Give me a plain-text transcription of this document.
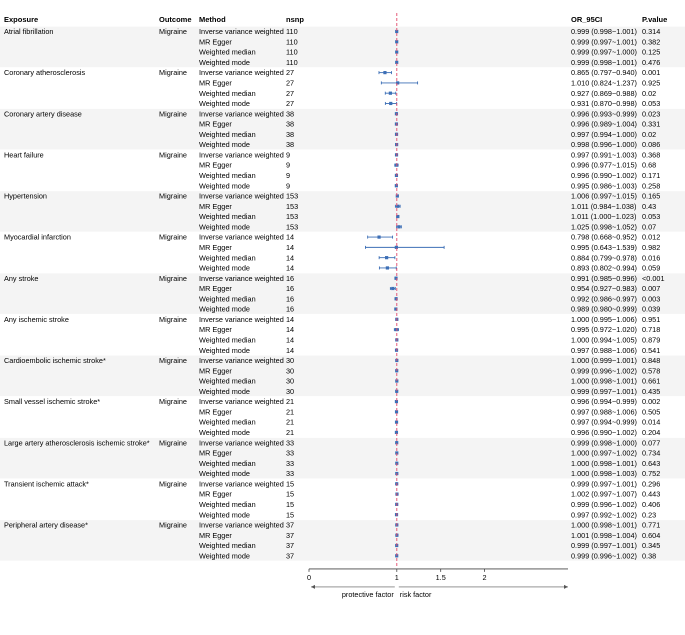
Exposure	Outcome Method	nsnp	OR_95CI	P.value
Atrial fibrillation	Migraine Inverse variance weighted 110	0.999 (0.998~1.001) 0.314
MR Egger	110	0.999 (0.997~1.001) 0.382
Weighted median	110	0.999 (0.997~1.000) 0.125
Weighted mode	110	0.999 (0.998~1.001) 0.476
Coronary atherosclerosis	Migraine Inverse variance weighted 27	0.865 (0.797~0.940) 0.001
MR Egger	27	1.010 (0.824~1.237) 0.925
Weighted median	27	0.927 (0.869~0.988) 0.02
Weighted mode	27	0.931 (0.870~0.998) 0.053
Coronary artery disease	Migraine Inverse variance weighted 38	0.996 (0.993~0.999) 0.023
MR Egger	38	0.996 (0.989~1.004) 0.331
Weighted median	38	0.997 (0.994~1.000) 0.02
Weighted mode	38	0.998 (0.996~1.000) 0.086
Heart failure	Migraine Inverse variance weighted 9	0.997 (0.991~1.003) 0.368
MR Egger	9	0.996 (0.977~1.015) 0.68
Weighted median	9	0.996 (0.990~1.002) 0.171
Weighted mode	9	0.995 (0.986~1.003) 0.258
Hypertension	Migraine Inverse variance weighted 153	1.006 (0.997~1.015) 0.165
MR Egger	153	1.011 (0.984~1.038) 0.43
Weighted median	153	1.011 (1.000~1.023) 0.053
Weighted mode	153	1.025 (0.998~1.052) 0.07
Myocardial infarction	Migraine Inverse variance weighted 14	0.798 (0.668~0.952) 0.012
MR Egger	14	0.995 (0.643~1.539) 0.982
Weighted median	14	0.884 (0.799~0.978) 0.016
Weighted mode	14	0.893 (0.802~0.994) 0.059
Any stroke	Migraine Inverse variance weighted 16	0.991 (0.985~0.996) <0.001
MR Egger	16	0.954 (0.927~0.983) 0.007
Weighted median	16	0.992 (0.986~0.997) 0.003
Weighted mode	16	0.989 (0.980~0.999) 0.039
Any ischemic stroke	Migraine Inverse variance weighted 14	1.000 (0.995~1.006) 0.951
MR Egger	14	0.995 (0.972~1.020) 0.718
Weighted median	14	1.000 (0.994~1.005) 0.879
Weighted mode	14	0.997 (0.988~1.006) 0.541
Cardioembolic ischemic stroke*	Migraine Inverse variance weighted 30	1.000 (0.999~1.001) 0.848
MR Egger	30	0.999 (0.996~1.002) 0.578
Weighted median	30	1.000 (0.998~1.001) 0.661
Weighted mode	30	0.999 (0.997~1.001) 0.435
Small vessel ischemic stroke*	Migraine Inverse variance weighted 21	0.996 (0.994~0.999) 0.002
MR Egger	21	0.997 (0.988~1.006) 0.505
Weighted median	21	0.997 (0.994~0.999) 0.014
Weighted mode	21	0.996 (0.990~1.002) 0.204
Large artery atherosclerosis ischemic stroke* Migraine Inverse variance weighted 33	0.999 (0.998~1.000) 0.077
MR Egger	33	1.000 (0.997~1.002) 0.734
Weighted median	33	1.000 (0.998~1.001) 0.643
Weighted mode	33	1.000 (0.998~1.003) 0.752
Transient ischemic attack*	Migraine Inverse variance weighted 15	0.999 (0.997~1.001) 0.296
MR Egger	15	1.002 (0.997~1.007) 0.443
Weighted median	15	0.999 (0.996~1.002) 0.406
Weighted mode	15	0.997 (0.992~1.002) 0.23
Peripheral artery disease*	Migraine Inverse variance weighted 37	1.000 (0.998~1.001) 0.771
MR Egger	37	1.001 (0.998~1.004) 0.604
Weighted median	37	0.999 (0.997~1.001) 0.345
Weighted mode	37	0.999 (0.996~1.002) 0.38
0	1	1.5	2
protective factor risk factor
